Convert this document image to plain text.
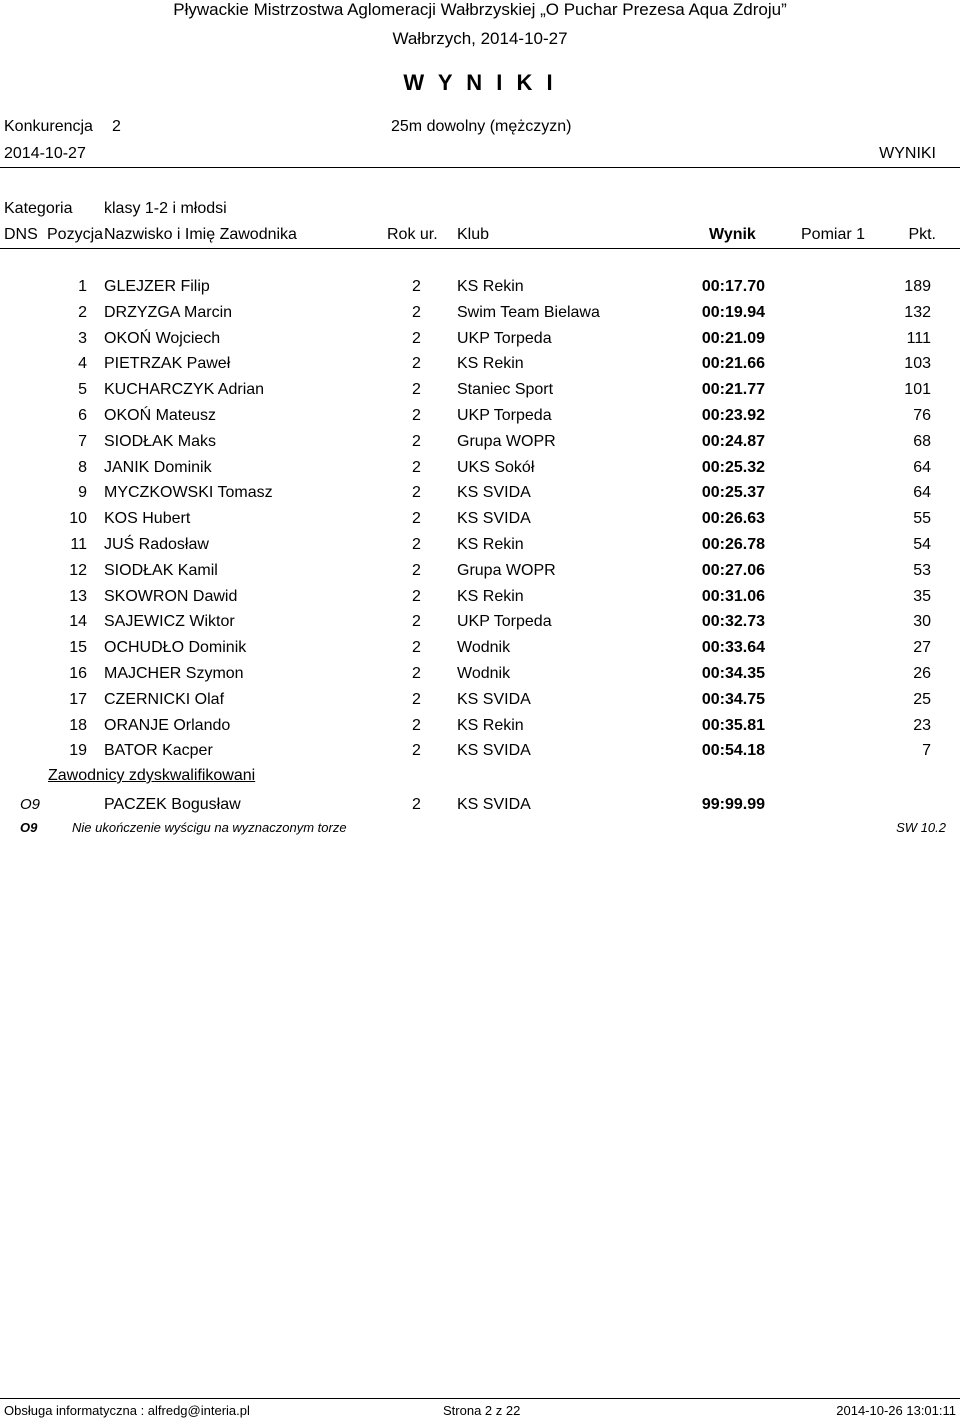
Pływackie Mistrzostwa Aglomeracji Wałbrzyskiej „O Puchar Prezesa Aqua Zdroju”
Wałbrzych, 2014-10-27
W Y N I K I
Konkurencja 2	25m dowolny (mężczyzn)
2014-10-27	WYNIKI
Kategoria klasy 1-2 i młodsi
DNS Pozycja Nazwisko i Imię Zawodnika	Rok ur. Klub	Wynik	Pomiar 1	Pkt.
1 GLEJZER Filip	2 KS Rekin	00:17.70	189
2 DRZYZGA Marcin	2 Swim Team Bielawa	00:19.94	132
3 OKOŃ Wojciech	2 UKP Torpeda	00:21.09	111
4 PIETRZAK Paweł	2 KS Rekin	00:21.66	103
5 KUCHARCZYK Adrian	2 Staniec Sport	00:21.77	101
6 OKOŃ Mateusz	2 UKP Torpeda	00:23.92	76
7 SIODŁAK Maks	2 Grupa WOPR	00:24.87	68
8 JANIK Dominik	2 UKS Sokół	00:25.32	64
9 MYCZKOWSKI Tomasz	2 KS SVIDA	00:25.37	64
10 KOS Hubert	2 KS SVIDA	00:26.63	55
11 JUŚ Radosław	2 KS Rekin	00:26.78	54
12 SIODŁAK Kamil	2 Grupa WOPR	00:27.06	53
13 SKOWRON Dawid	2 KS Rekin	00:31.06	35
14 SAJEWICZ Wiktor	2 UKP Torpeda	00:32.73	30
15 OCHUDŁO Dominik	2 Wodnik	00:33.64	27
16 MAJCHER Szymon	2 Wodnik	00:34.35	26
17 CZERNICKI Olaf	2 KS SVIDA	00:34.75	25
18 ORANJE Orlando	2 KS Rekin	00:35.81	23
19 BATOR Kacper	2 KS SVIDA	00:54.18	7
Zawodnicy zdyskwalifikowani
O9	PACZEK Bogusław	2 KS SVIDA	99:99.99
O9	Nie ukończenie wyścigu na wyznaczonym torze	SW 10.2
Obsługa informatyczna : alfredg@interia.pl	Strona 2 z 22	2014-10-26 13:01:11
